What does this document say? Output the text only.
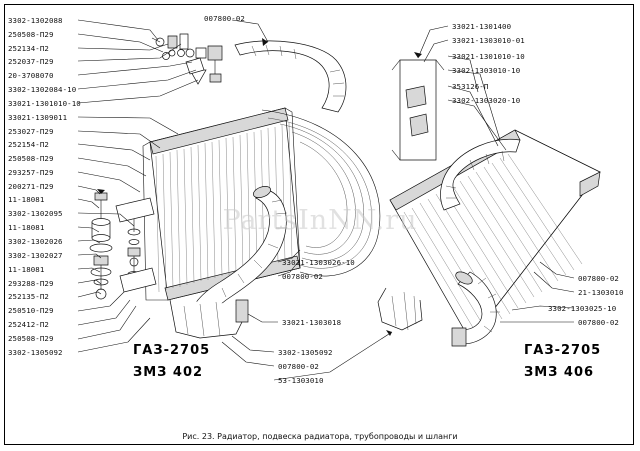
PartsInNN.ru
3302-1302088
250508-П29
252134-П2
252037-П29
20-3708070
3302-1302084-10
33021-1301010-10
33021-1309011
253027-П29
252154-П2
250508-П29
293257-П29
200271-П29
11-18081
3302-1302095
11-18081
3302-1302026
3302-1302027
11-18081
293288-П29
252135-П2
250510-П29
252412-П2
250508-П29
3302-1305092
007800-02
33021-1301400
33021-1303010-01
33021-1301010-10
3302-1303010-10
353126-П
3302-1303020-10
33021-1303026-10
007800-02
33021-1303018
3302-1305092
007800-02
53-1303010
007800-02
21-1303010
3302-1303025-10
007800-02
ГАЗ-2705
ЗМЗ 402
ГАЗ-2705
ЗМЗ 406
Рис. 23. Радиатор, подвеска радиатора, трубопроводы и шланги
